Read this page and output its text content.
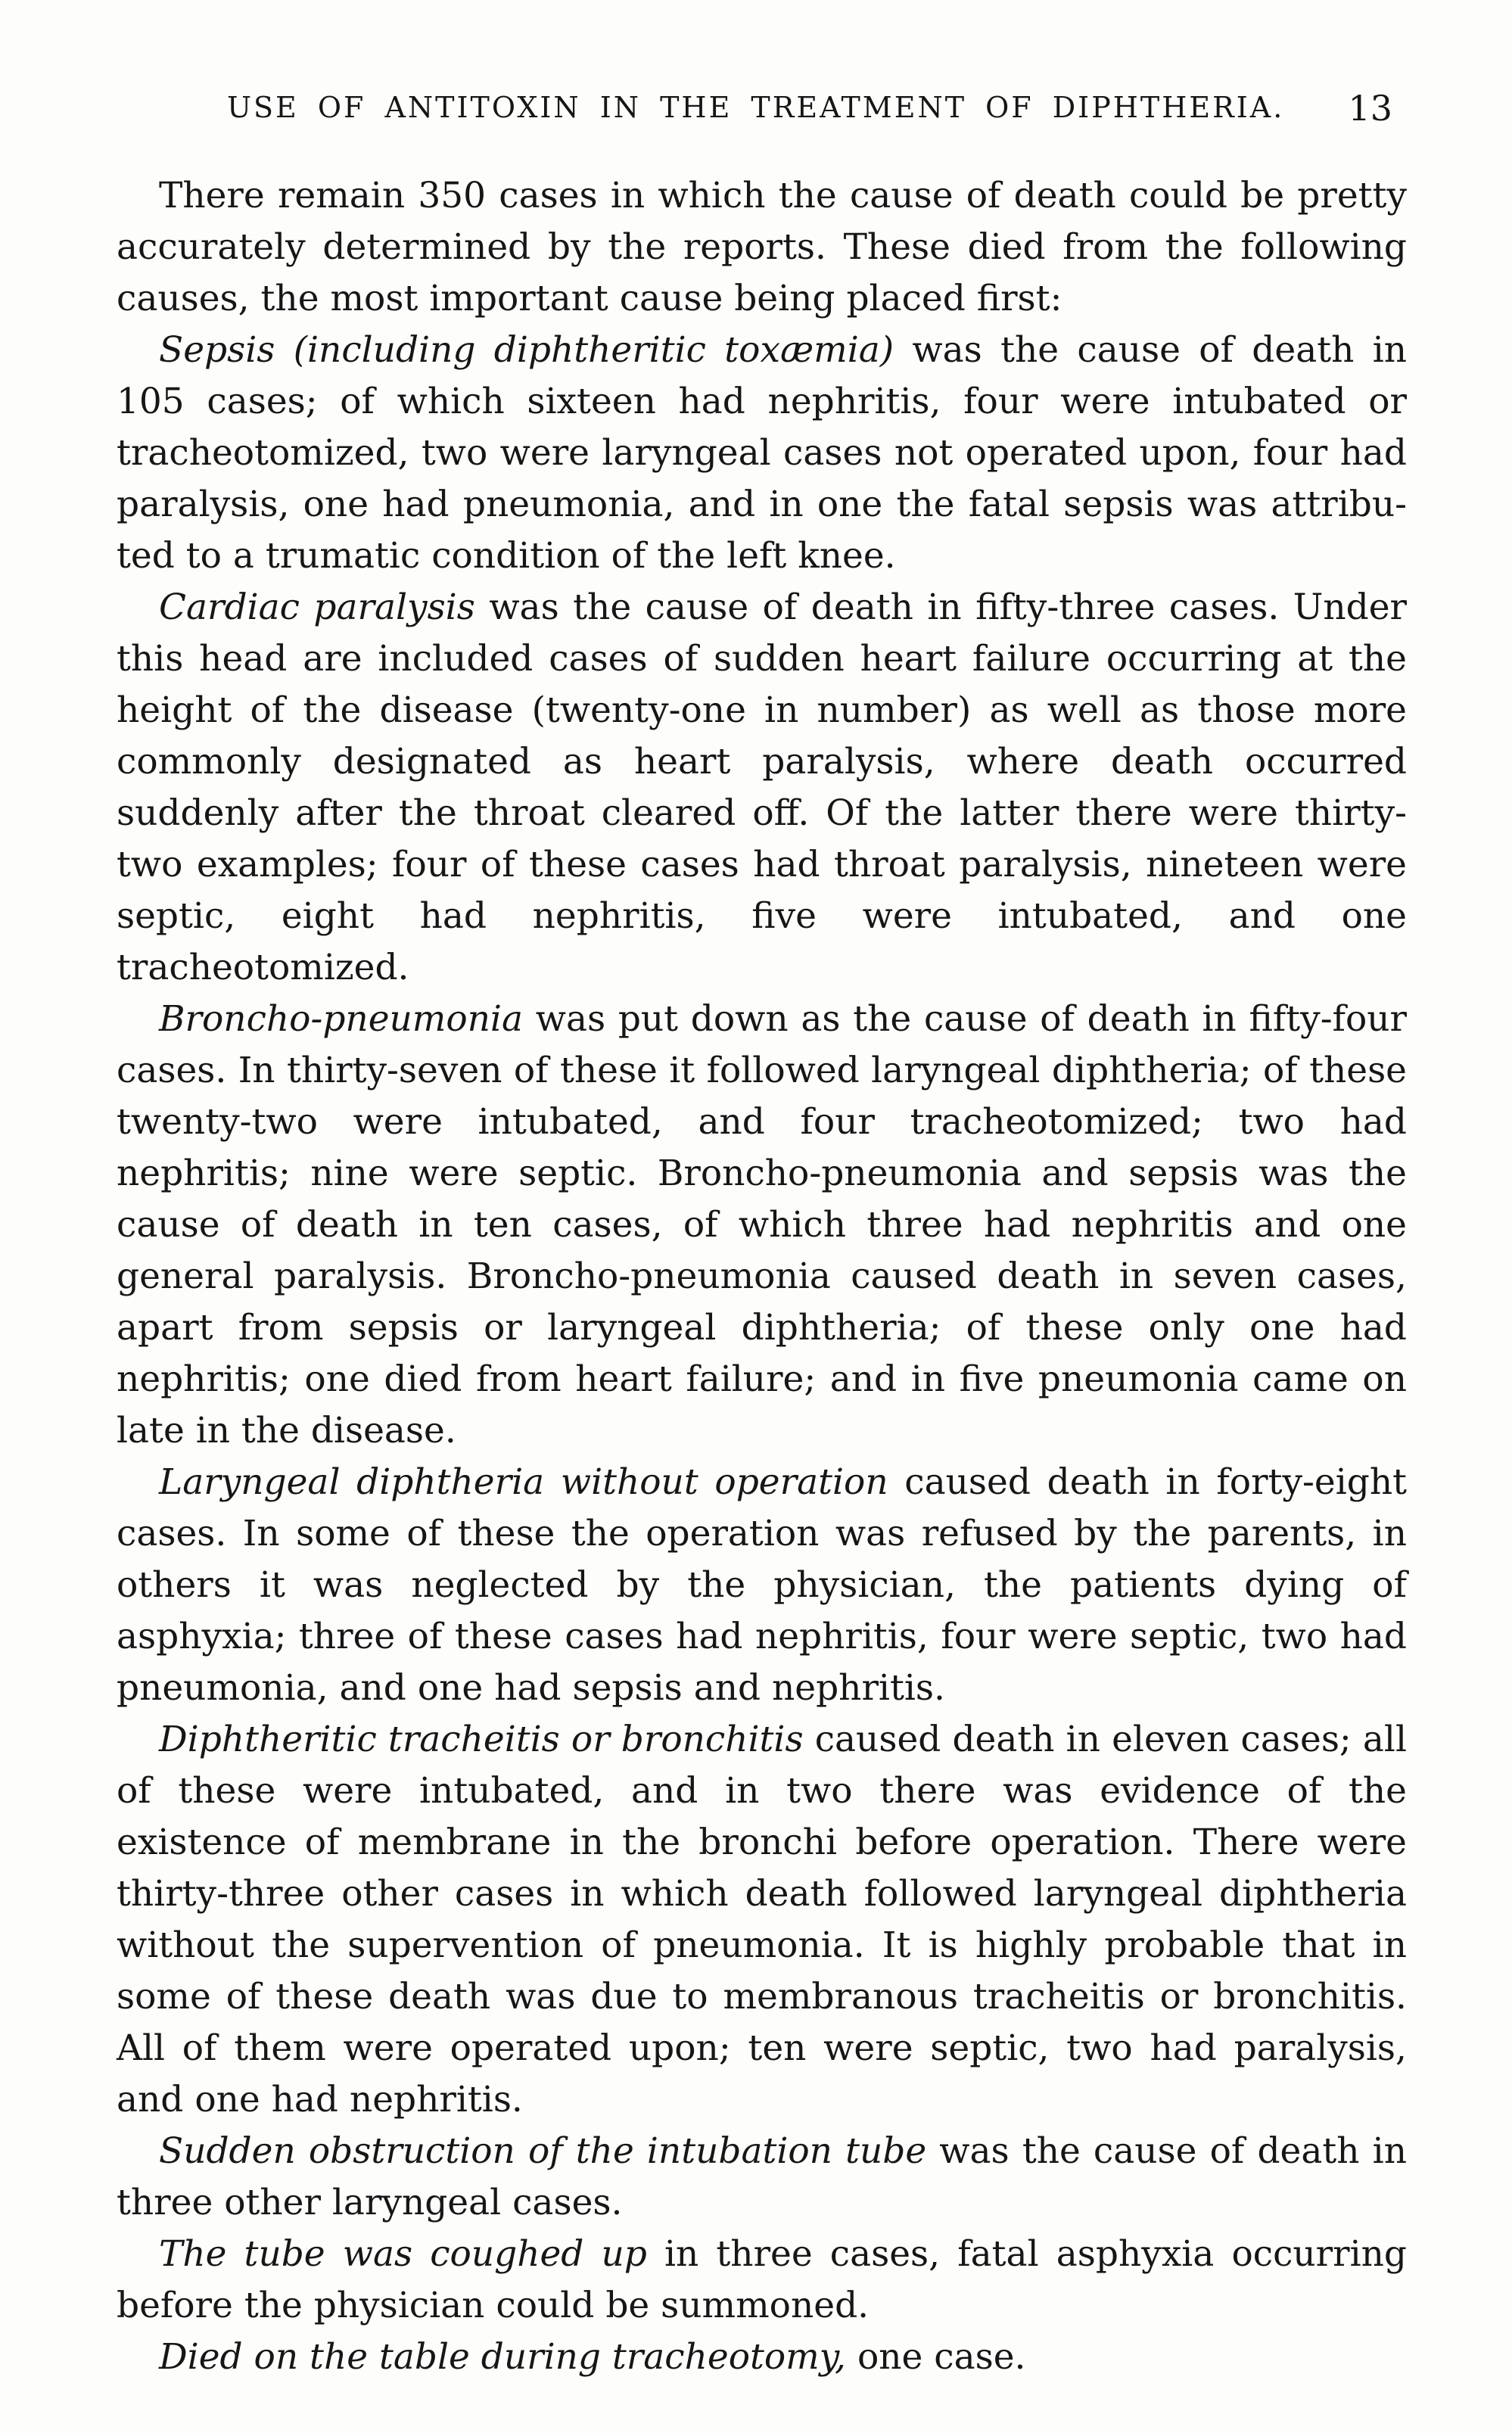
USE OF ANTITOXIN IN THE TREATMENT OF DIPHTHERIA. 13

There remain 350 cases in which the cause of death could be pretty accurately determined by the reports. These died from the following causes, the most important cause being placed first:

Sepsis (including diphtheritic toxæmia) was the cause of death in 105 cases; of which sixteen had nephritis, four were intubated or tracheotomized, two were laryngeal cases not operated upon, four had paralysis, one had pneumonia, and in one the fatal sepsis was attributed to a trumatic condition of the left knee.

Cardiac paralysis was the cause of death in fifty-three cases. Under this head are included cases of sudden heart failure occurring at the height of the disease (twenty-one in number) as well as those more commonly designated as heart paralysis, where death occurred suddenly after the throat cleared off. Of the latter there were thirty-two examples; four of these cases had throat paralysis, nineteen were septic, eight had nephritis, five were intubated, and one tracheotomized.

Broncho-pneumonia was put down as the cause of death in fifty-four cases. In thirty-seven of these it followed laryngeal diphtheria; of these twenty-two were intubated, and four tracheotomized; two had nephritis; nine were septic. Broncho-pneumonia and sepsis was the cause of death in ten cases, of which three had nephritis and one general paralysis. Broncho-pneumonia caused death in seven cases, apart from sepsis or laryngeal diphtheria; of these only one had nephritis; one died from heart failure; and in five pneumonia came on late in the disease.

Laryngeal diphtheria without operation caused death in forty-eight cases. In some of these the operation was refused by the parents, in others it was neglected by the physician, the patients dying of asphyxia; three of these cases had nephritis, four were septic, two had pneumonia, and one had sepsis and nephritis.

Diphtheritic tracheitis or bronchitis caused death in eleven cases; all of these were intubated, and in two there was evidence of the existence of membrane in the bronchi before operation. There were thirty-three other cases in which death followed laryngeal diphtheria without the supervention of pneumonia. It is highly probable that in some of these death was due to membranous tracheitis or bronchitis. All of them were operated upon; ten were septic, two had paralysis, and one had nephritis.

Sudden obstruction of the intubation tube was the cause of death in three other laryngeal cases.

The tube was coughed up in three cases, fatal asphyxia occurring before the physician could be summoned.

Died on the table during tracheotomy, one case.
